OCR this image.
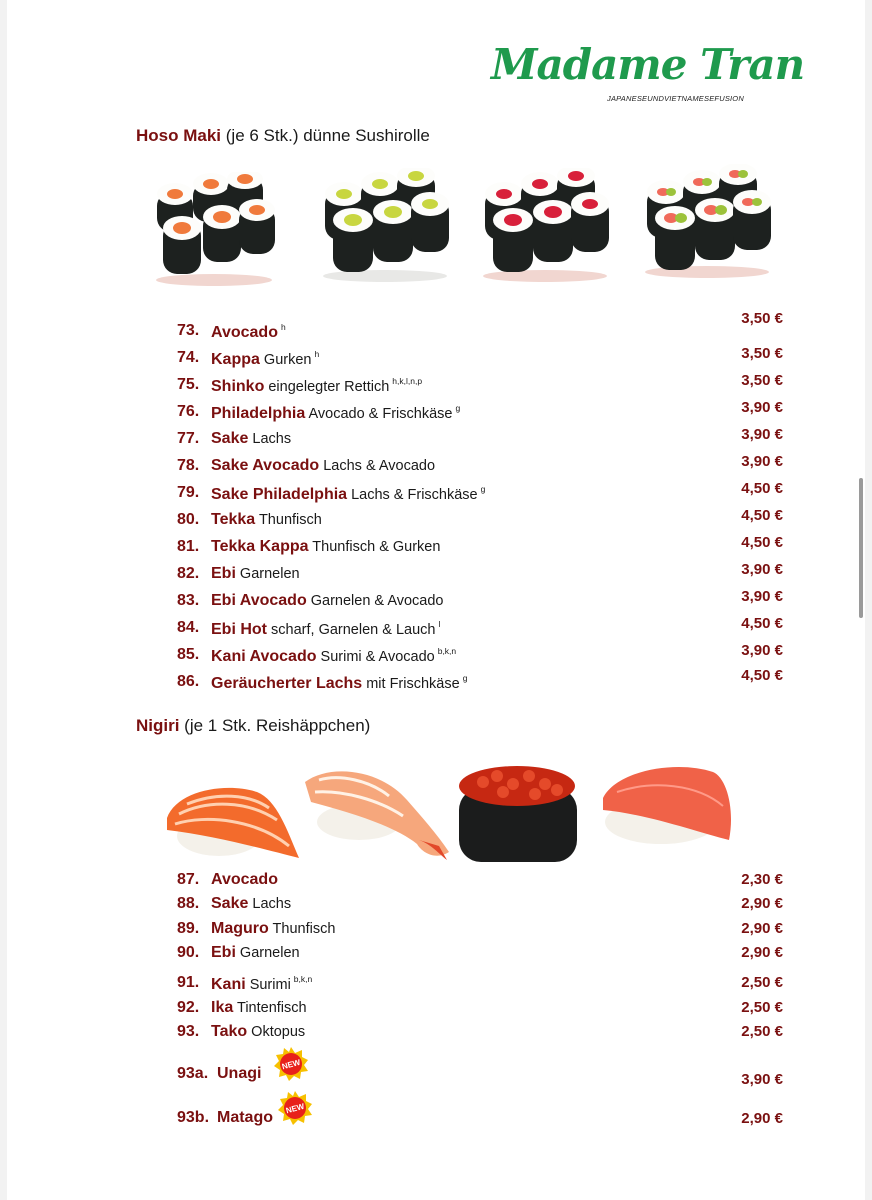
Madame Tran
JAPANESEUNDVIETNAMESEFUSION
Hoso Maki (je 6 Stk.) dünne Sushirolle
73. Avocado $^h$	3,50 €
74. Kappa Gurken $^h$	3,50 €
75. Shinko eingelegter Rettich $^{h,k,l,n,p}$	3,50 €
76. Philadelphia Avocado & Frischkäse $^g$	3,90 €
77. Sake Lachs	3,90 €
78. Sake Avocado Lachs & Avocado	3,90 €
79. Sake Philadelphia Lachs & Frischkäse $^g$	4,50 €
80. Tekka Thunfisch	4,50 €
81. Tekka Kappa Thunfisch & Gurken	4,50 €
82. Ebi Garnelen	3,90 €
83. Ebi Avocado Garnelen & Avocado	3,90 €
84. Ebi Hot scharf, Garnelen & Lauch $^l$	4,50 €
85. Kani Avocado Surimi & Avocado $^{b,k,n}$	3,90 €
86. Geräucherter Lachs mit Frischkäse $^g$	4,50 €
Nigiri (je 1 Stk. Reishäppchen)
87. Avocado	2,30 €
88. Sake Lachs	2,90 €
89. Maguro Thunfisch	2,90 €
90. Ebi Garnelen	2,90 €
91. Kani Surimi $^{b,k,n}$	2,50 €
92. Ika Tintenfisch	2,50 €
93. Tako Oktopus	2,50 €
93a. Unagi	3,90 €
93b. Matago	2,90 €
NEW
NEW
